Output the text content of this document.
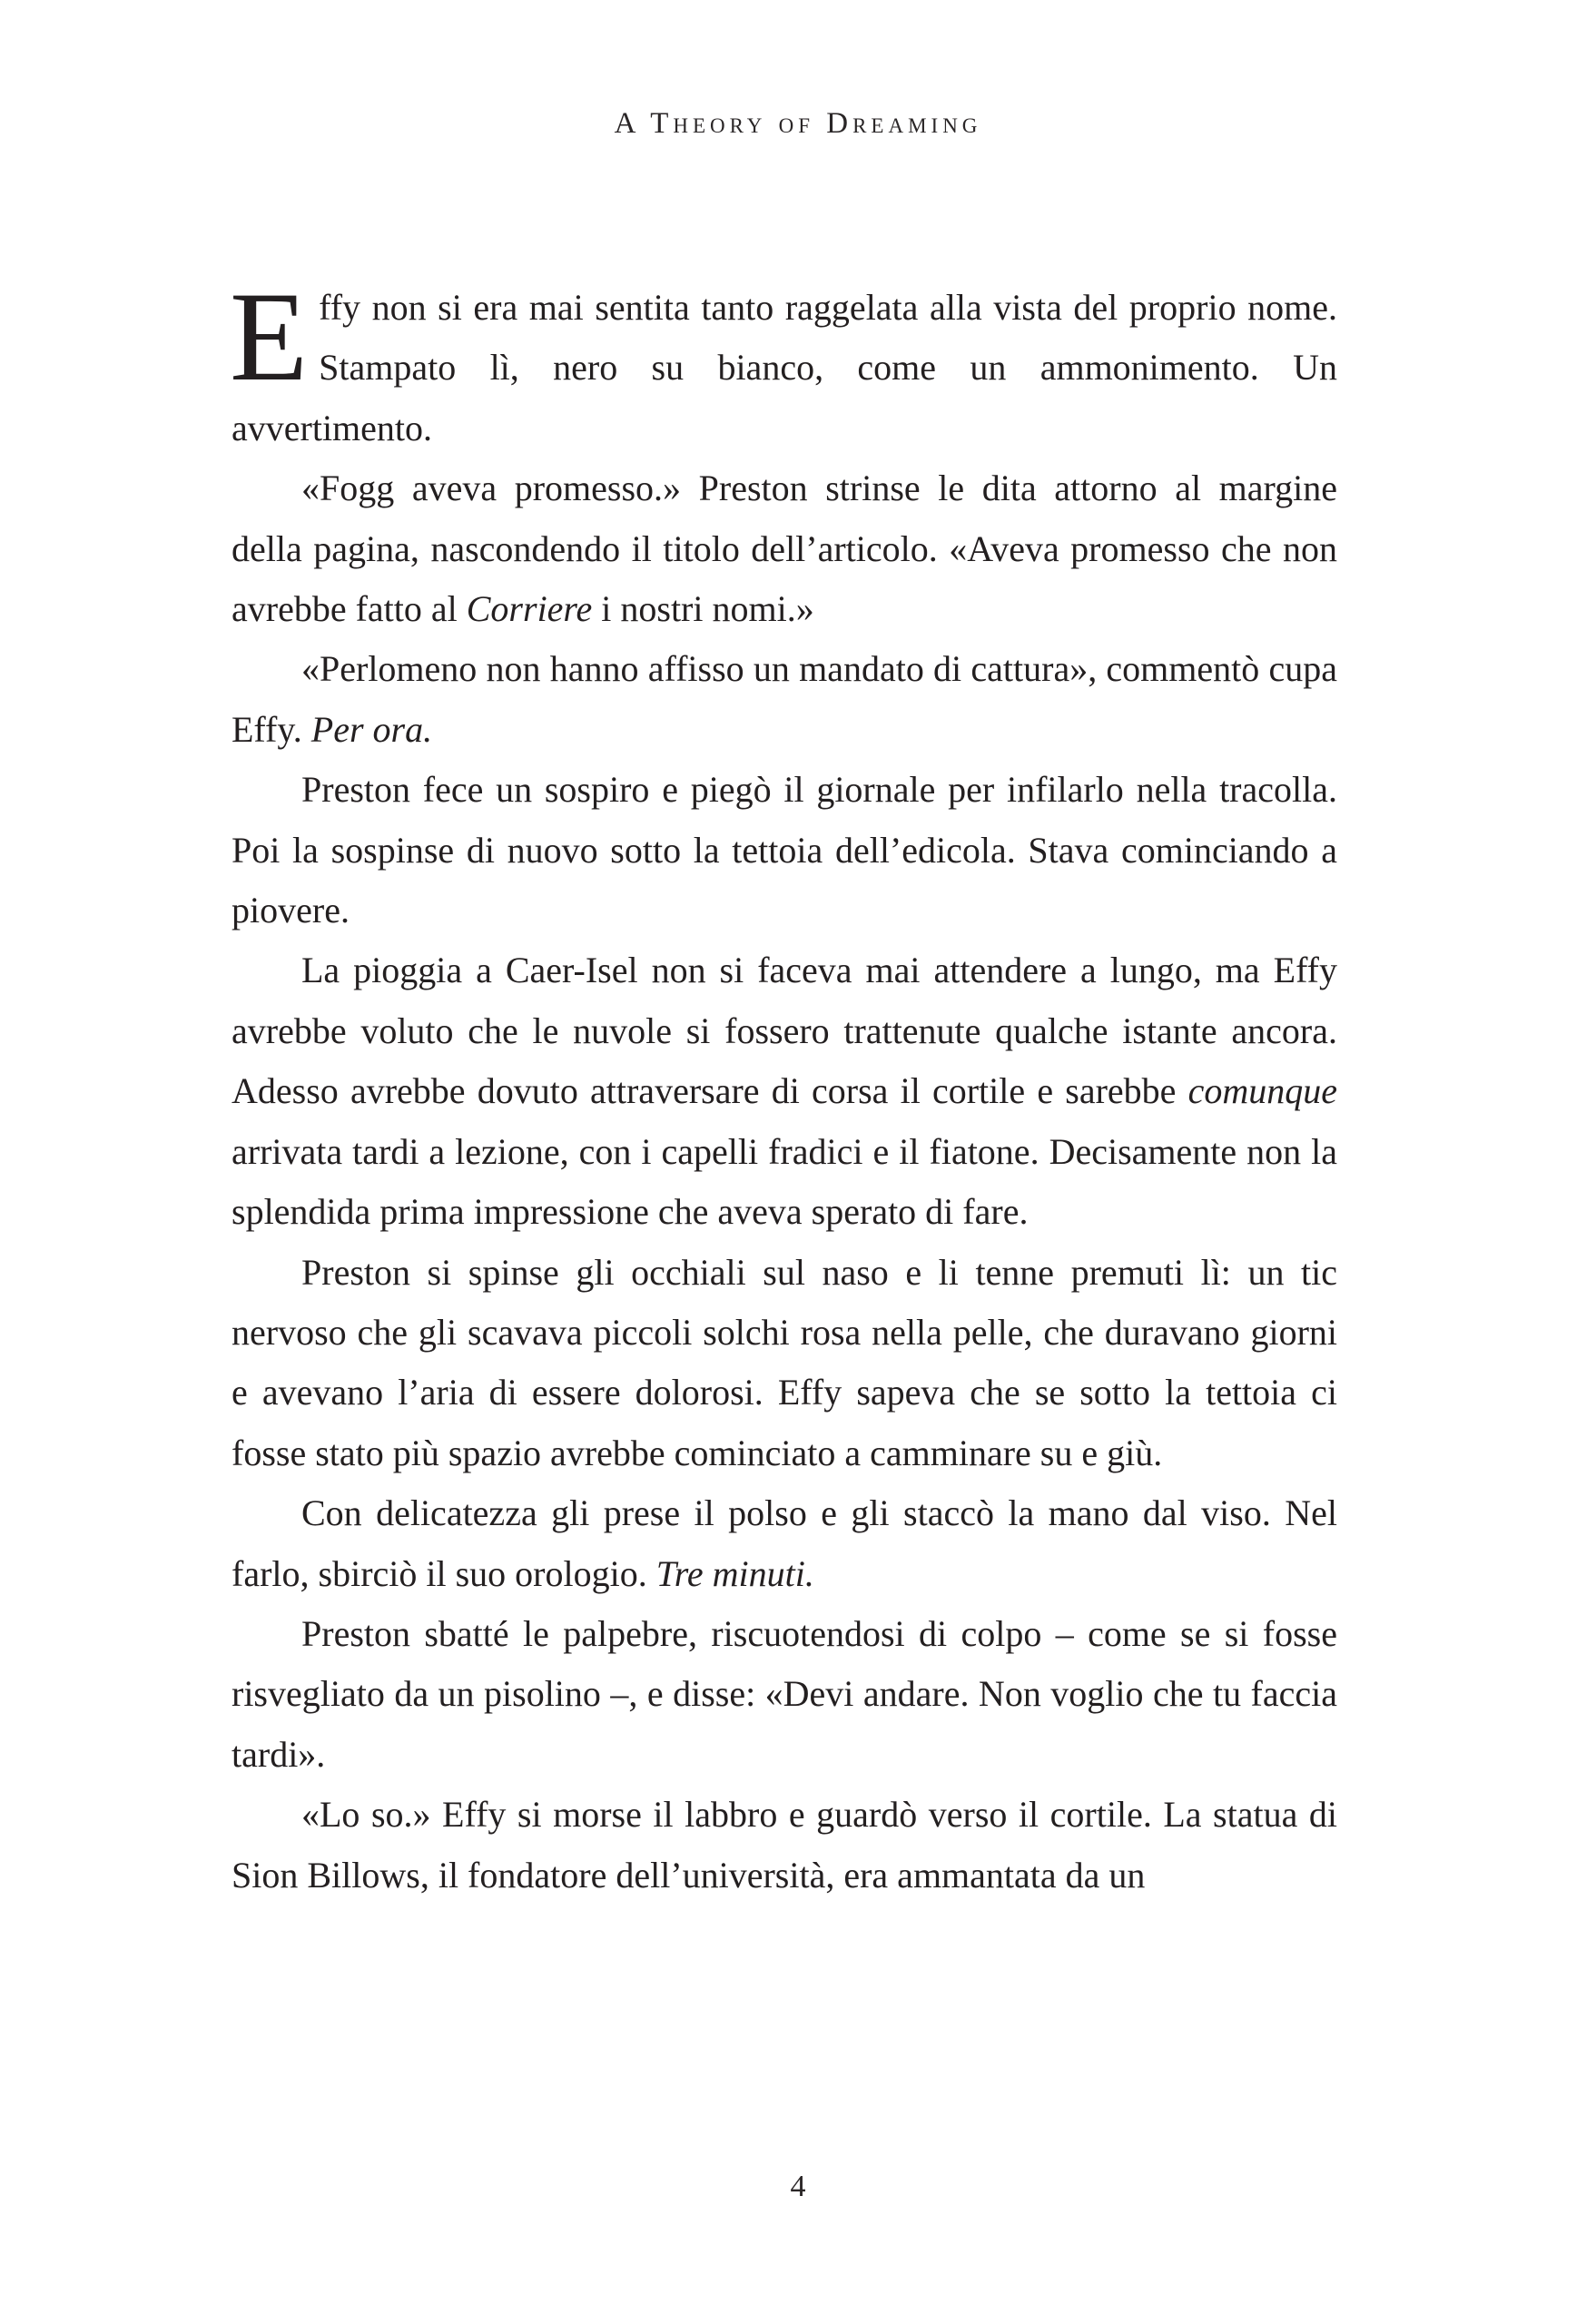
A Theory of Dreaming

Effy non si era mai sentita tanto raggelata alla vista del proprio nome. Stampato lì, nero su bianco, come un ammonimento. Un avvertimento.

«Fogg aveva promesso.» Preston strinse le dita attorno al margine della pagina, nascondendo il titolo dell’articolo. «Aveva promesso che non avrebbe fatto al Corriere i nostri nomi.»

«Perlomeno non hanno affisso un mandato di cattura», commentò cupa Effy. Per ora.

Preston fece un sospiro e piegò il giornale per infilarlo nella tracolla. Poi la sospinse di nuovo sotto la tettoia dell’edicola. Stava cominciando a piovere.

La pioggia a Caer-Isel non si faceva mai attendere a lungo, ma Effy avrebbe voluto che le nuvole si fossero trattenute qualche istante ancora. Adesso avrebbe dovuto attraversare di corsa il cortile e sarebbe comunque arrivata tardi a lezione, con i capelli fradici e il fiatone. Decisamente non la splendida prima impressione che aveva sperato di fare.

Preston si spinse gli occhiali sul naso e li tenne premuti lì: un tic nervoso che gli scavava piccoli solchi rosa nella pelle, che duravano giorni e avevano l’aria di essere dolorosi. Effy sapeva che se sotto la tettoia ci fosse stato più spazio avrebbe cominciato a camminare su e giù.

Con delicatezza gli prese il polso e gli staccò la mano dal viso. Nel farlo, sbirciò il suo orologio. Tre minuti.

Preston sbatté le palpebre, riscuotendosi di colpo – come se si fosse risvegliato da un pisolino –, e disse: «Devi andare. Non voglio che tu faccia tardi».

«Lo so.» Effy si morse il labbro e guardò verso il cortile. La statua di Sion Billows, il fondatore dell’università, era ammantata da un

4
